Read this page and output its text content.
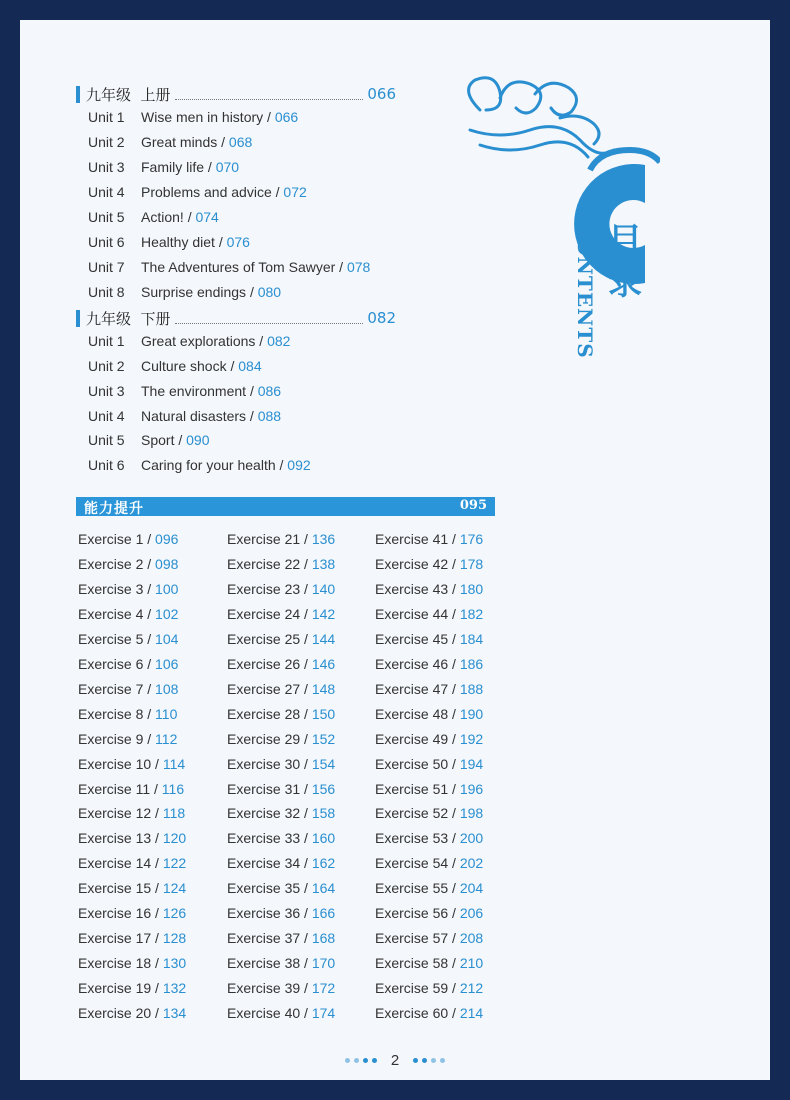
目录
CONTENTS
九年级  上册	066
Unit 1 Wise men in history / 066
Unit 2 Great minds / 068
Unit 3 Family life / 070
Unit 4 Problems and advice / 072
Unit 5 Action! / 074
Unit 6 Healthy diet / 076
Unit 7 The Adventures of Tom Sawyer / 078
Unit 8 Surprise endings / 080
九年级  下册	082
Unit 1 Great explorations / 082
Unit 2 Culture shock / 084
Unit 3 The environment / 086
Unit 4 Natural disasters / 088
Unit 5 Sport / 090
Unit 6 Caring for your health / 092
能力提升	095
Exercise 1 / 096
Exercise 2 / 098
Exercise 3 / 100
Exercise 4 / 102
Exercise 5 / 104
Exercise 6 / 106
Exercise 7 / 108
Exercise 8 / 110
Exercise 9 / 112
Exercise 10 / 114
Exercise 11 / 116
Exercise 12 / 118
Exercise 13 / 120
Exercise 14 / 122
Exercise 15 / 124
Exercise 16 / 126
Exercise 17 / 128
Exercise 18 / 130
Exercise 19 / 132
Exercise 20 / 134
Exercise 21 / 136
Exercise 22 / 138
Exercise 23 / 140
Exercise 24 / 142
Exercise 25 / 144
Exercise 26 / 146
Exercise 27 / 148
Exercise 28 / 150
Exercise 29 / 152
Exercise 30 / 154
Exercise 31 / 156
Exercise 32 / 158
Exercise 33 / 160
Exercise 34 / 162
Exercise 35 / 164
Exercise 36 / 166
Exercise 37 / 168
Exercise 38 / 170
Exercise 39 / 172
Exercise 40 / 174
Exercise 41 / 176
Exercise 42 / 178
Exercise 43 / 180
Exercise 44 / 182
Exercise 45 / 184
Exercise 46 / 186
Exercise 47 / 188
Exercise 48 / 190
Exercise 49 / 192
Exercise 50 / 194
Exercise 51 / 196
Exercise 52 / 198
Exercise 53 / 200
Exercise 54 / 202
Exercise 55 / 204
Exercise 56 / 206
Exercise 57 / 208
Exercise 58 / 210
Exercise 59 / 212
Exercise 60 / 214
2
